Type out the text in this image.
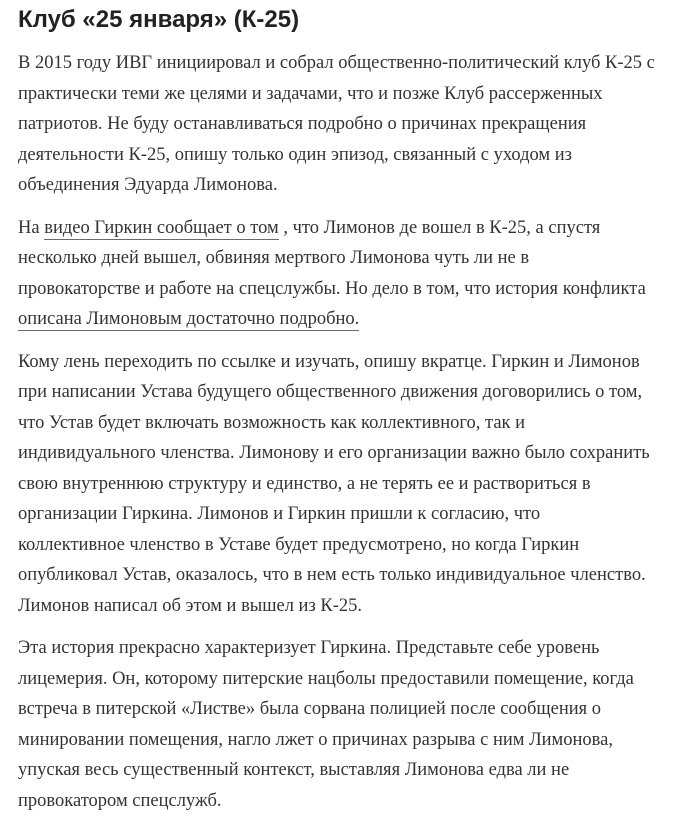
Клуб «25 января» (К-25)

В 2015 году ИВГ инициировал и собрал общественно-политический клуб К-25 с
практически теми же целями и задачами, что и позже Клуб рассерженных
патриотов. Не буду останавливаться подробно о причинах прекращения
деятельности К-25, опишу только один эпизод, связанный с уходом из
объединения Эдуарда Лимонова.

На видео Гиркин сообщает о том , что Лимонов де вошел в К-25, а спустя
несколько дней вышел, обвиняя мертвого Лимонова чуть ли не в
провокаторстве и работе на спецслужбы. Но дело в том, что история конфликта
описана Лимоновым достаточно подробно.

Кому лень переходить по ссылке и изучать, опишу вкратце. Гиркин и Лимонов
при написании Устава будущего общественного движения договорились о том,
что Устав будет включать возможность как коллективного, так и
индивидуального членства. Лимонову и его организации важно было сохранить
свою внутреннюю структуру и единство, а не терять ее и раствориться в
организации Гиркина. Лимонов и Гиркин пришли к согласию, что
коллективное членство в Уставе будет предусмотрено, но когда Гиркин
опубликовал Устав, оказалось, что в нем есть только индивидуальное членство.
Лимонов написал об этом и вышел из К-25.

Эта история прекрасно характеризует Гиркина. Представьте себе уровень
лицемерия. Он, которому питерские нацболы предоставили помещение, когда
встреча в питерской «Листве» была сорвана полицией после сообщения о
минировании помещения, нагло лжет о причинах разрыва с ним Лимонова,
упуская весь существенный контекст, выставляя Лимонова едва ли не
провокатором спецслужб.
